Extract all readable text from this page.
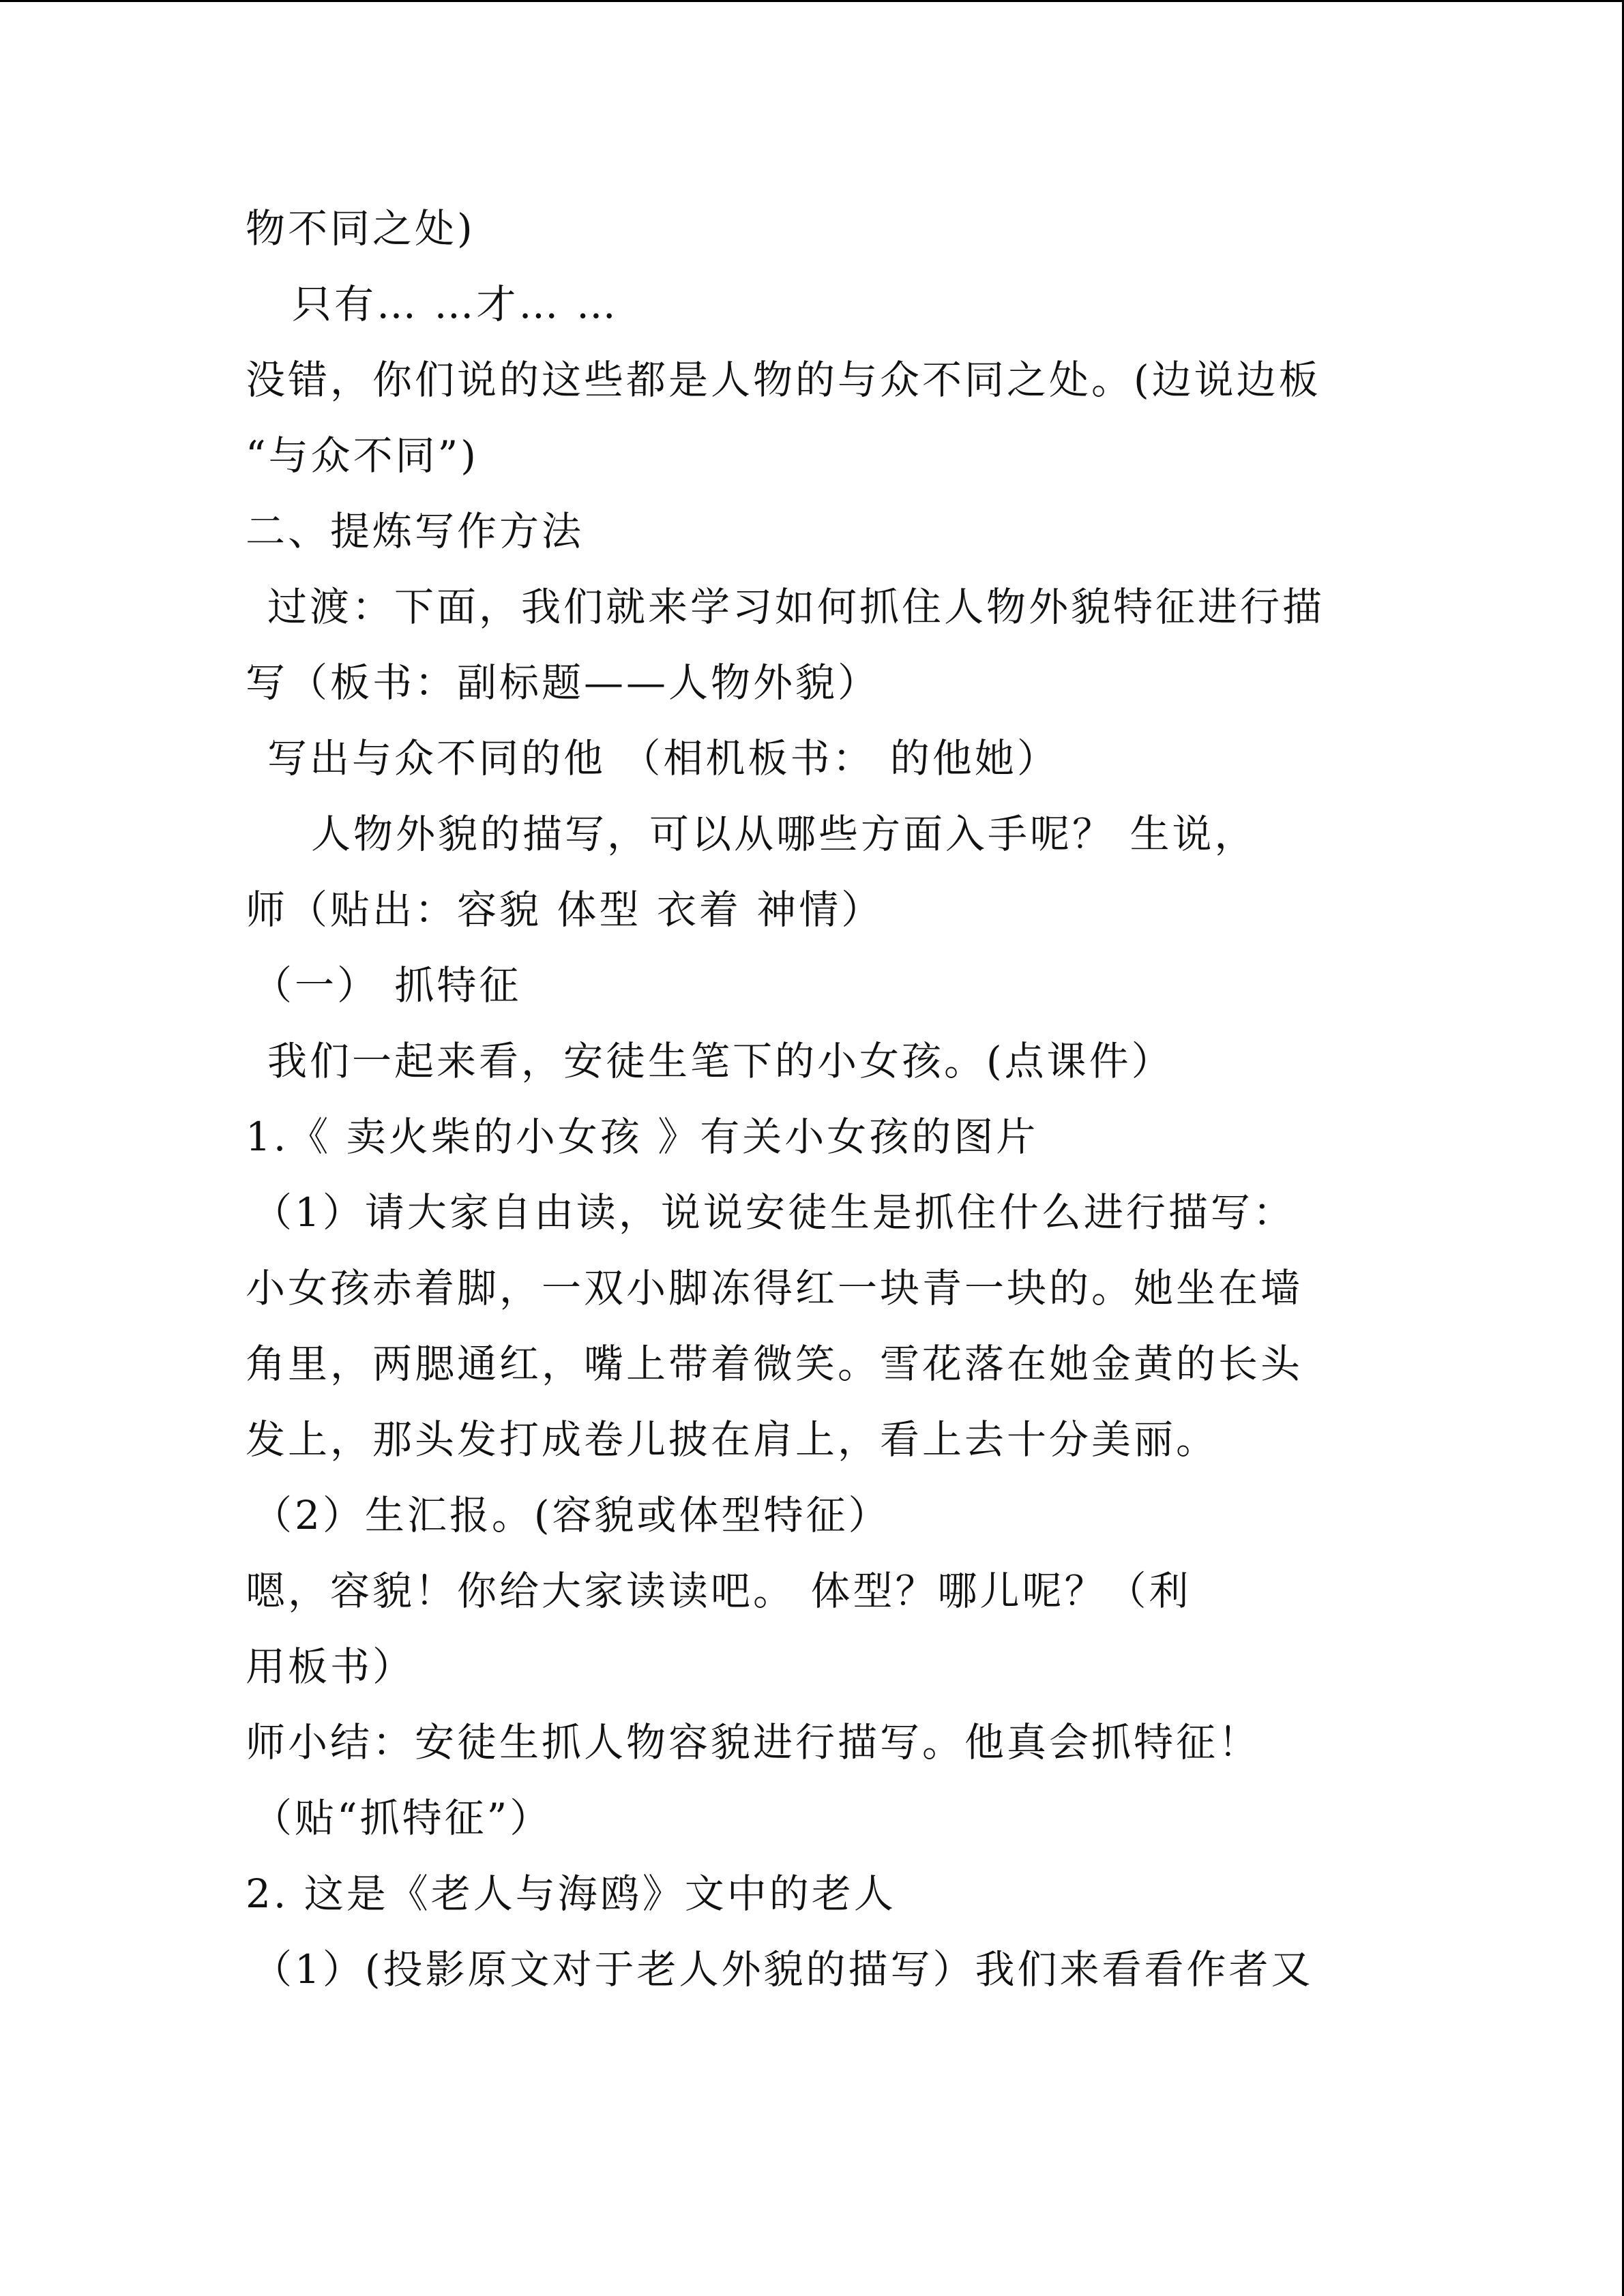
物不同之处)
只有… …才… …
没错，你们说的这些都是人物的与众不同之处。(边说边板
“与众不同”)
二、提炼写作方法
过渡：下面，我们就来学习如何抓住人物外貌特征进行描
写（板书：副标题——人物外貌）
写出与众不同的他 （相机板书： 的他她）
人物外貌的描写，可以从哪些方面入手呢？ 生说，
师（贴出：容貌 体型 衣着 神情）
（一） 抓特征
我们一起来看，安徒生笔下的小女孩。(点课件）
1.《 卖火柴的小女孩 》有关小女孩的图片
（1）请大家自由读，说说安徒生是抓住什么进行描写：
小女孩赤着脚，一双小脚冻得红一块青一块的。她坐在墙
角里，两腮通红，嘴上带着微笑。雪花落在她金黄的长头
发上，那头发打成卷儿披在肩上，看上去十分美丽。
（2）生汇报。(容貌或体型特征）
嗯，容貌！你给大家读读吧。 体型？哪儿呢？（利
用板书）
师小结：安徒生抓人物容貌进行描写。他真会抓特征！
（贴“抓特征”）
2. 这是《老人与海鸥》文中的老人
（1）(投影原文对于老人外貌的描写）我们来看看作者又
